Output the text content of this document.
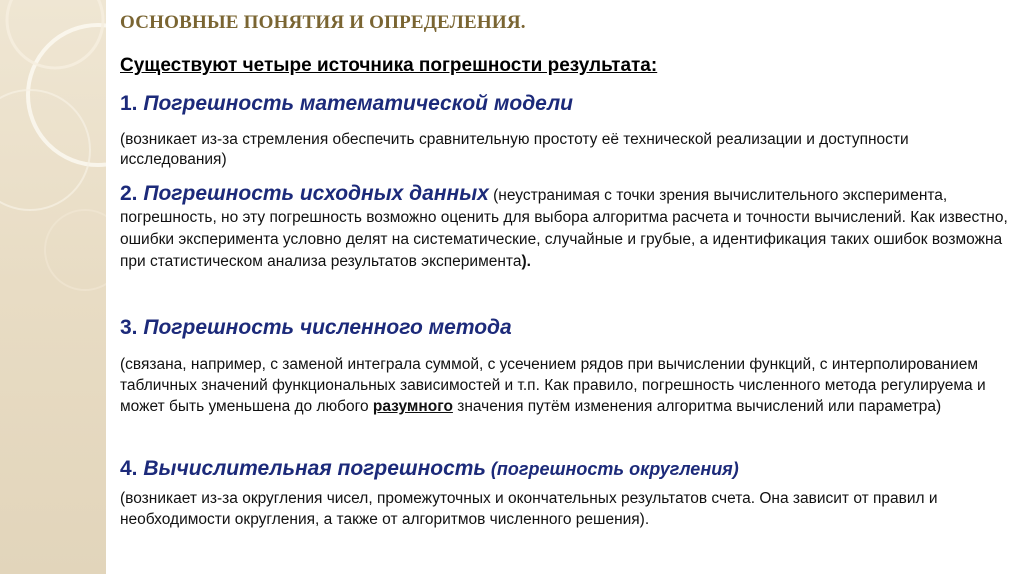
ОСНОВНЫЕ ПОНЯТИЯ И ОПРЕДЕЛЕНИЯ.
Существуют четыре источника погрешности результата:
1. Погрешность математической модели
(возникает из-за стремления обеспечить сравнительную простоту её технической реализации и доступности исследования)
2. Погрешность исходных данных (неустранимая с точки зрения вычислительного эксперимента, погрешность, но эту погрешность возможно оценить для выбора алгоритма расчета и точности вычислений. Как известно, ошибки эксперимента условно делят на систематические, случайные и грубые, а идентификация таких ошибок возможна при статистическом анализа результатов эксперимента).
3. Погрешность численного метода
(связана, например, с заменой интеграла суммой, с усечением рядов при вычислении функций, с интерполированием табличных значений функциональных зависимостей и т.п. Как правило, погрешность численного метода регулируема и может быть уменьшена до любого разумного значения путём изменения алгоритма вычислений или параметра)
4. Вычислительная погрешность (погрешность округления)
(возникает из-за округления чисел, промежуточных и окончательных результатов счета. Она зависит от правил и необходимости округления, а также от алгоритмов численного решения).
